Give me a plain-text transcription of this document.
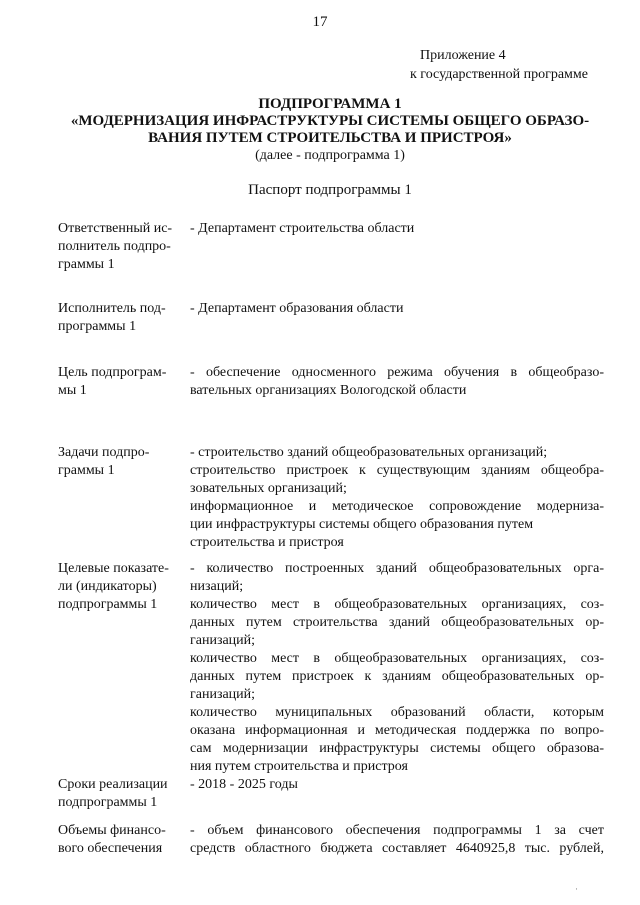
17
Приложение 4
к государственной программе
ПОДПРОГРАММА 1
«МОДЕРНИЗАЦИЯ ИНФРАСТРУКТУРЫ СИСТЕМЫ ОБЩЕГО ОБРАЗО-
ВАНИЯ ПУТЕМ СТРОИТЕЛЬСТВА И ПРИСТРОЯ»
(далее - подпрограмма 1)
Паспорт подпрограммы 1
Ответственный ис-
полнитель подпро-
граммы 1
- Департамент строительства области
Исполнитель под-
программы 1
- Департамент образования области
Цель подпрограм-
мы 1
- обеспечение односменного режима обучения в общеобразо-
вательных организациях Вологодской области
Задачи подпро-
граммы 1
- строительство зданий общеобразовательных организаций;
строительство пристроек к существующим зданиям общеобра-
зовательных организаций;
информационное и методическое сопровождение модерниза-
ции инфраструктуры системы общего образования путем
строительства и пристроя
Целевые показате-
ли (индикаторы)
подпрограммы 1
- количество построенных зданий общеобразовательных орга-
низаций;
количество мест в общеобразовательных организациях, соз-
данных путем строительства зданий общеобразовательных ор-
ганизаций;
количество мест в общеобразовательных организациях, соз-
данных путем пристроек к зданиям общеобразовательных ор-
ганизаций;
количество муниципальных образований области, которым
оказана информационная и методическая поддержка по вопро-
сам модернизации инфраструктуры системы общего образова-
ния путем строительства и пристроя
Сроки реализации
подпрограммы 1
- 2018 - 2025 годы
Объемы финансо-
вого обеспечения
- объем финансового обеспечения подпрограммы 1 за счет
средств областного бюджета составляет 4640925,8 тыс. рублей,
·
